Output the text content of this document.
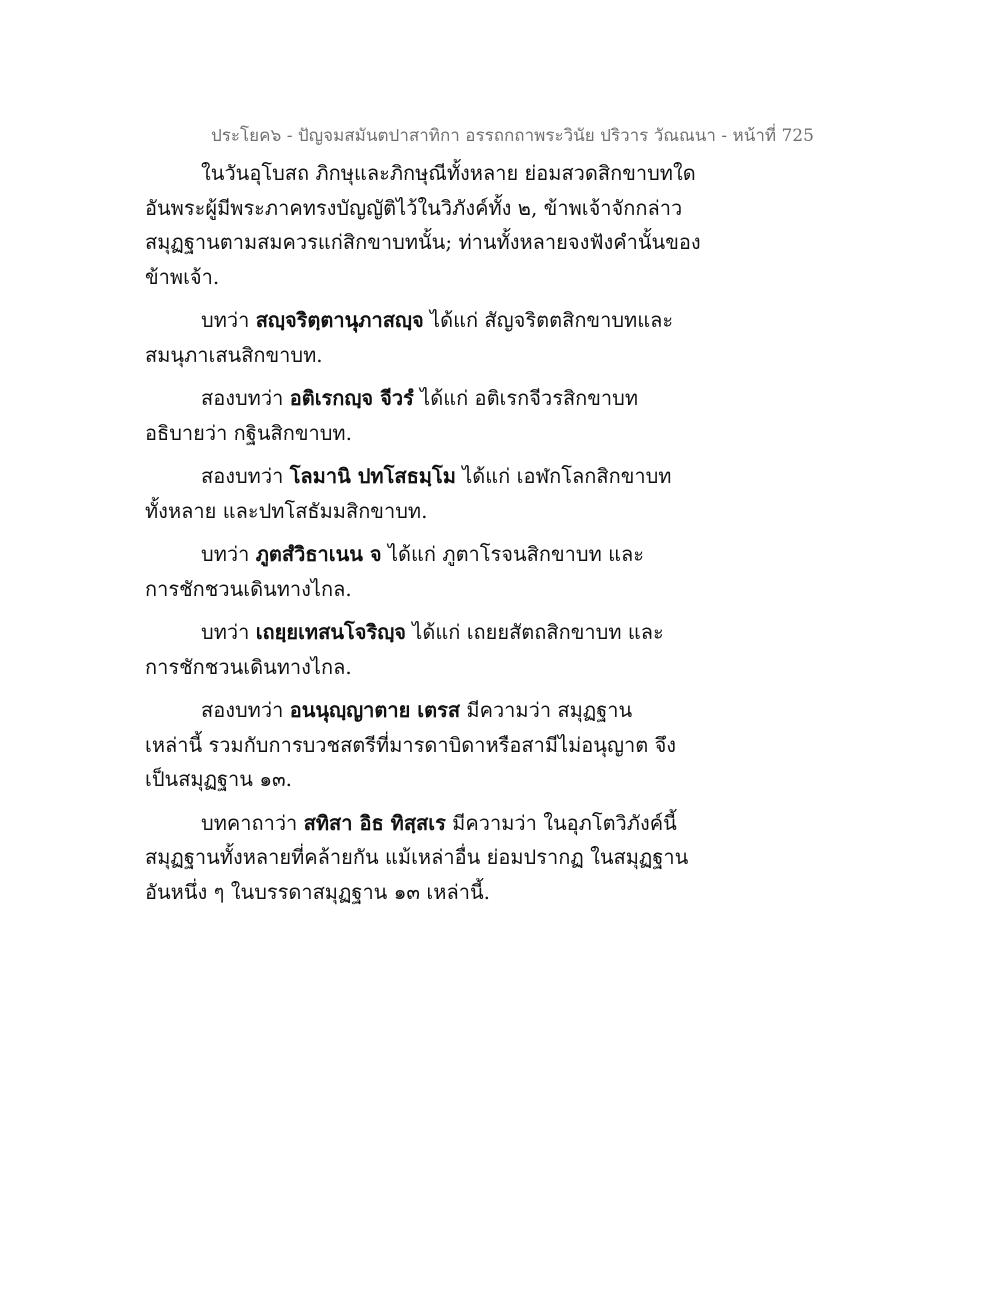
ประโยค๖ - ปัญจมสมันตปาสาทิกา อรรถกถาพระวินัย ปริวาร วัณณนา - หน้าที่ 725
ในวันอุโบสถ ภิกษุและภิกษุณีทั้งหลาย ย่อมสวดสิกขาบทใด
อันพระผู้มีพระภาคทรงบัญญัติไว้ในวิภังค์ทั้ง ๒, ข้าพเจ้าจักกล่าว
สมุฏฐานตามสมควรแก่สิกขาบทนั้น; ท่านทั้งหลายจงฟังคำนั้นของ
ข้าพเจ้า.
บทว่า สญฺจริตฺตานุภาสญฺจ ได้แก่ สัญจริตตสิกขาบทและ
สมนุภาเสนสิกขาบท.
สองบทว่า อติเรกญฺจ จีวรํ ได้แก่ อติเรกจีวรสิกขาบท
อธิบายว่า กฐินสิกขาบท.
สองบทว่า โลมานิ ปทโสธมฺโม ได้แก่ เอฬกโลกสิกขาบท
ทั้งหลาย และปทโสธัมมสิกขาบท.
บทว่า ภูตสํวิธาเนน จ ได้แก่ ภูตาโรจนสิกขาบท และ
การชักชวนเดินทางไกล.
บทว่า เถยฺยเทสนโจริญฺจ ได้แก่ เถยยสัตถสิกขาบท และ
การชักชวนเดินทางไกล.
สองบทว่า อนนุญฺญาตาย เตรส มีความว่า สมุฏฐาน
เหล่านี้ รวมกับการบวชสตรีที่มารดาบิดาหรือสามีไม่อนุญาต จึง
เป็นสมุฏฐาน ๑๓.
บทคาถาว่า สทิสา อิธ ทิสฺสเร มีความว่า ในอุภโตวิภังค์นี้
สมุฏฐานทั้งหลายที่คล้ายกัน แม้เหล่าอื่น ย่อมปรากฏ ในสมุฏฐาน
อันหนึ่ง ๆ ในบรรดาสมุฏฐาน ๑๓ เหล่านี้.
